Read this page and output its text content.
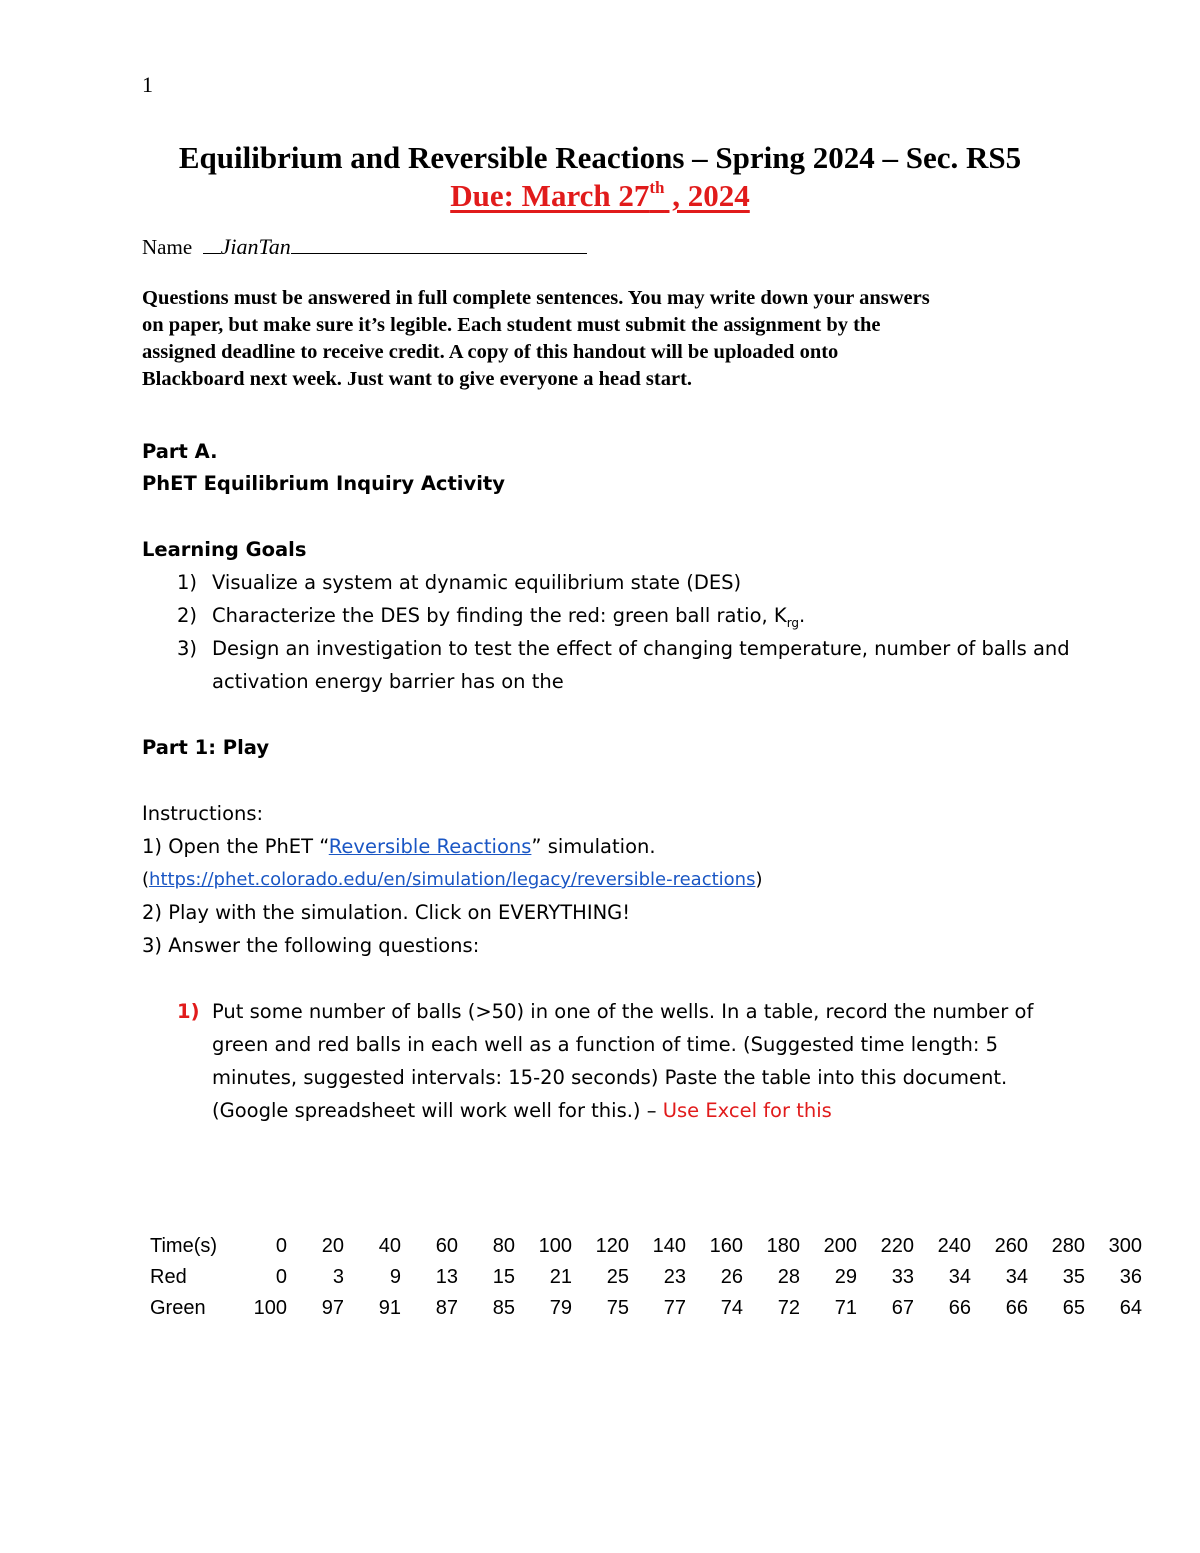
1
Equilibrium and Reversible Reactions – Spring 2024 – Sec. RS5
Due: March 27th , 2024
Name JianTan
Questions must be answered in full complete sentences. You may write down your answers
on paper, but make sure it’s legible. Each student must submit the assignment by the
assigned deadline to receive credit. A copy of this handout will be uploaded onto
Blackboard next week. Just want to give everyone a head start.
Part A.
PhET Equilibrium Inquiry Activity
Learning Goals
1) Visualize a system at dynamic equilibrium state (DES)
2) Characterize the DES by finding the red: green ball ratio, $K_{rg}$.
3) Design an investigation to test the effect of changing temperature, number of balls and
activation energy barrier has on the
Part 1: Play
Instructions:
1) Open the PhET “Reversible Reactions” simulation.
(https://phet.colorado.edu/en/simulation/legacy/reversible-reactions)
2) Play with the simulation. Click on EVERYTHING!
3) Answer the following questions:
1) Put some number of balls (>50) in one of the wells. In a table, record the number of
green and red balls in each well as a function of time. (Suggested time length: 5
minutes, suggested intervals: 15-20 seconds) Paste the table into this document.
(Google spreadsheet will work well for this.) – Use Excel for this
Time(s)	0	20	40	60	80	100	120	140	160	180	200	220	240	260	280	300
Red	0	3	9	13	15	21	25	23	26	28	29	33	34	34	35	36
Green	100	97	91	87	85	79	75	77	74	72	71	67	66	66	65	64
